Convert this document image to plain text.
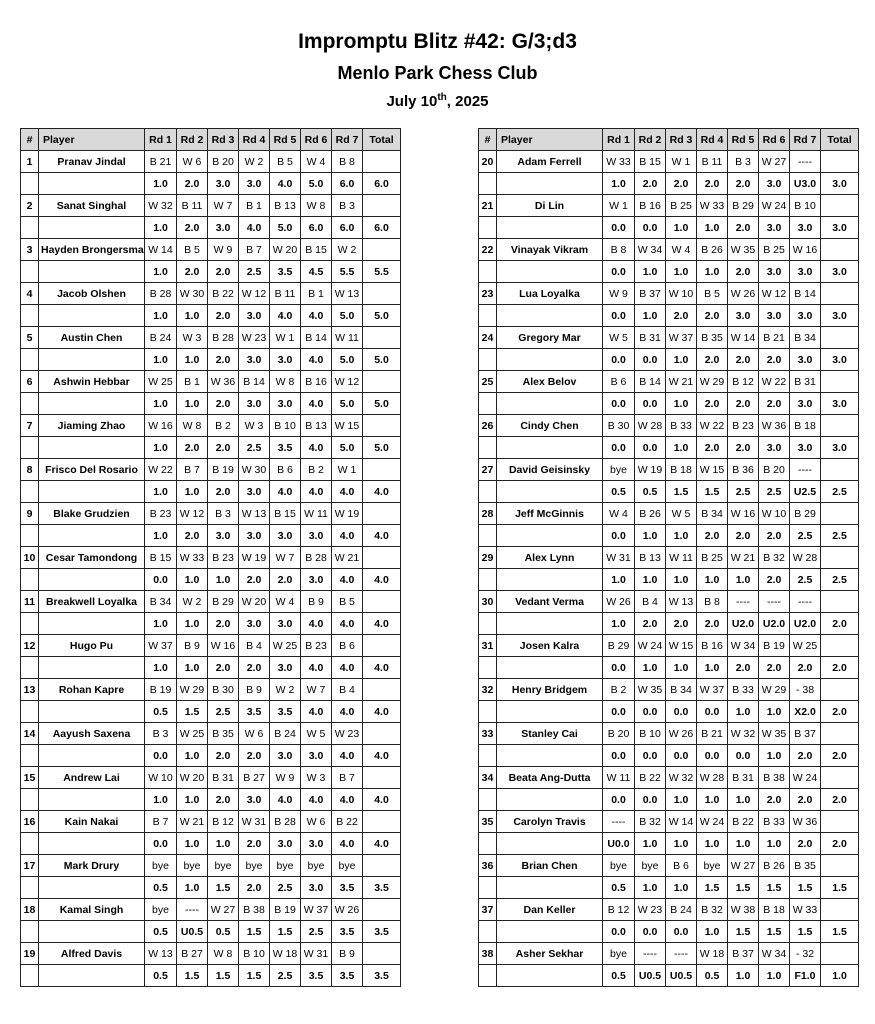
Impromptu Blitz #42: G/3;d3
Menlo Park Chess Club
July 10th, 2025
#	Player	Rd 1	Rd 2	Rd 3	Rd 4	Rd 5	Rd 6	Rd 7	Total
1	Pranav Jindal	B 21	W 6	B 20	W 2	B 5	W 4	B 8	
		1.0	2.0	3.0	3.0	4.0	5.0	6.0	6.0
2	Sanat Singhal	W 32	B 11	W 7	B 1	B 13	W 8	B 3	
		1.0	2.0	3.0	4.0	5.0	6.0	6.0	6.0
3	Hayden Brongersma	W 14	B 5	W 9	B 7	W 20	B 15	W 2	
		1.0	2.0	2.0	2.5	3.5	4.5	5.5	5.5
4	Jacob Olshen	B 28	W 30	B 22	W 12	B 11	B 1	W 13	
		1.0	1.0	2.0	3.0	4.0	4.0	5.0	5.0
5	Austin Chen	B 24	W 3	B 28	W 23	W 1	B 14	W 11	
		1.0	1.0	2.0	3.0	3.0	4.0	5.0	5.0
6	Ashwin Hebbar	W 25	B 1	W 36	B 14	W 8	B 16	W 12	
		1.0	1.0	2.0	3.0	3.0	4.0	5.0	5.0
7	Jiaming Zhao	W 16	W 8	B 2	W 3	B 10	B 13	W 15	
		1.0	2.0	2.0	2.5	3.5	4.0	5.0	5.0
8	Frisco Del Rosario	W 22	B 7	B 19	W 30	B 6	B 2	W 1	
		1.0	1.0	2.0	3.0	4.0	4.0	4.0	4.0
9	Blake Grudzien	B 23	W 12	B 3	W 13	B 15	W 11	W 19	
		1.0	2.0	3.0	3.0	3.0	3.0	4.0	4.0
10	Cesar Tamondong	B 15	W 33	B 23	W 19	W 7	B 28	W 21	
		0.0	1.0	1.0	2.0	2.0	3.0	4.0	4.0
11	Breakwell Loyalka	B 34	W 2	B 29	W 20	W 4	B 9	B 5	
		1.0	1.0	2.0	3.0	3.0	4.0	4.0	4.0
12	Hugo Pu	W 37	B 9	W 16	B 4	W 25	B 23	B 6	
		1.0	1.0	2.0	2.0	3.0	4.0	4.0	4.0
13	Rohan Kapre	B 19	W 29	B 30	B 9	W 2	W 7	B 4	
		0.5	1.5	2.5	3.5	3.5	4.0	4.0	4.0
14	Aayush Saxena	B 3	W 25	B 35	W 6	B 24	W 5	W 23	
		0.0	1.0	2.0	2.0	3.0	3.0	4.0	4.0
15	Andrew Lai	W 10	W 20	B 31	B 27	W 9	W 3	B 7	
		1.0	1.0	2.0	3.0	4.0	4.0	4.0	4.0
16	Kain Nakai	B 7	W 21	B 12	W 31	B 28	W 6	B 22	
		0.0	1.0	1.0	2.0	3.0	3.0	4.0	4.0
17	Mark Drury	bye	bye	bye	bye	bye	bye	bye	
		0.5	1.0	1.5	2.0	2.5	3.0	3.5	3.5
18	Kamal Singh	bye	----	W 27	B 38	B 19	W 37	W 26	
		0.5	U0.5	0.5	1.5	1.5	2.5	3.5	3.5
19	Alfred Davis	W 13	B 27	W 8	B 10	W 18	W 31	B 9	
		0.5	1.5	1.5	1.5	2.5	3.5	3.5	3.5
#	Player	Rd 1	Rd 2	Rd 3	Rd 4	Rd 5	Rd 6	Rd 7	Total
20	Adam Ferrell	W 33	B 15	W 1	B 11	B 3	W 27	----	
		1.0	2.0	2.0	2.0	2.0	3.0	U3.0	3.0
21	Di Lin	W 1	B 16	B 25	W 33	B 29	W 24	B 10	
		0.0	0.0	1.0	1.0	2.0	3.0	3.0	3.0
22	Vinayak Vikram	B 8	W 34	W 4	B 26	W 35	B 25	W 16	
		0.0	1.0	1.0	1.0	2.0	3.0	3.0	3.0
23	Lua Loyalka	W 9	B 37	W 10	B 5	W 26	W 12	B 14	
		0.0	1.0	2.0	2.0	3.0	3.0	3.0	3.0
24	Gregory Mar	W 5	B 31	W 37	B 35	W 14	B 21	B 34	
		0.0	0.0	1.0	2.0	2.0	2.0	3.0	3.0
25	Alex Belov	B 6	B 14	W 21	W 29	B 12	W 22	B 31	
		0.0	0.0	1.0	2.0	2.0	2.0	3.0	3.0
26	Cindy Chen	B 30	W 28	B 33	W 22	B 23	W 36	B 18	
		0.0	0.0	1.0	2.0	2.0	3.0	3.0	3.0
27	David Geisinsky	bye	W 19	B 18	W 15	B 36	B 20	----	
		0.5	0.5	1.5	1.5	2.5	2.5	U2.5	2.5
28	Jeff McGinnis	W 4	B 26	W 5	B 34	W 16	W 10	B 29	
		0.0	1.0	1.0	2.0	2.0	2.0	2.5	2.5
29	Alex Lynn	W 31	B 13	W 11	B 25	W 21	B 32	W 28	
		1.0	1.0	1.0	1.0	1.0	2.0	2.5	2.5
30	Vedant Verma	W 26	B 4	W 13	B 8	----	----	----	
		1.0	2.0	2.0	2.0	U2.0	U2.0	U2.0	2.0
31	Josen Kalra	B 29	W 24	W 15	B 16	W 34	B 19	W 25	
		0.0	1.0	1.0	1.0	2.0	2.0	2.0	2.0
32	Henry Bridgem	B 2	W 35	B 34	W 37	B 33	W 29	- 38	
		0.0	0.0	0.0	0.0	1.0	1.0	X2.0	2.0
33	Stanley Cai	B 20	B 10	W 26	B 21	W 32	W 35	B 37	
		0.0	0.0	0.0	0.0	0.0	1.0	2.0	2.0
34	Beata Ang-Dutta	W 11	B 22	W 32	W 28	B 31	B 38	W 24	
		0.0	0.0	1.0	1.0	1.0	2.0	2.0	2.0
35	Carolyn Travis	----	B 32	W 14	W 24	B 22	B 33	W 36	
		U0.0	1.0	1.0	1.0	1.0	1.0	2.0	2.0
36	Brian Chen	bye	bye	B 6	bye	W 27	B 26	B 35	
		0.5	1.0	1.0	1.5	1.5	1.5	1.5	1.5
37	Dan Keller	B 12	W 23	B 24	B 32	W 38	B 18	W 33	
		0.0	0.0	0.0	1.0	1.5	1.5	1.5	1.5
38	Asher Sekhar	bye	----	----	W 18	B 37	W 34	- 32	
		0.5	U0.5	U0.5	0.5	1.0	1.0	F1.0	1.0
